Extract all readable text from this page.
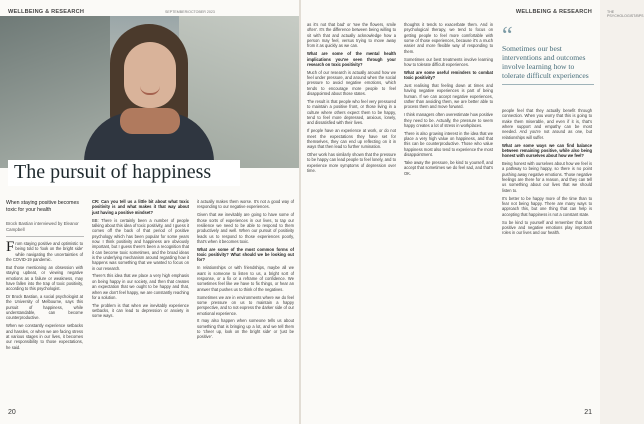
WELLBEING & RESEARCH	SEPTEMBER/OCTOBER 2023
The pursuit of happiness
When staying positive becomes toxic for your health
Brock Bastian interviewed by Eleanor Campbell

From staying positive and optimistic to being told to 'look on the bright side' while navigating the uncertainties of the COVID-19 pandemic.

But those mentioning an obsession with staying upbeat, or viewing negative emotions as a failure or weakness, may have fallen into the trap of toxic positivity, according to this psychologist.

Dr Brock Bastian, a social psychologist at the University of Melbourne, says this pursuit of happiness, while understandable, can become counterproductive.

When we constantly experience setbacks and hassles, or when we are facing stress at various stages in our lives, it becomes our responsibility to those expectations, he said.

CR: Can you tell us a little bit about what toxic positivity is and what makes it that way about just having a positive mindset?

BB: There is certainly been a number of people talking about this idea of toxic positivity, and I guess it comes off the back of that period of positive psychology which has been popular for some years now. I think positivity and happiness are obviously important, but I guess there's been a recognition that it can become toxic sometimes, and the broad ideas is the underlying mechanism around regarding how it happens was something that we wanted to focus on in our research.

There's this idea that we place a very high emphasis on being happy in our society, and then that creates an expectation that we ought to be happy and that, when we don't feel happy, we are constantly reaching for a solution.

The problem is that when we inevitably experience setbacks, it can lead to depression or anxiety in some ways.

it actually makes them worse. It's not a good way of responding to our negative experiences.

Given that we inevitably are going to have some of those sorts of experiences in our lives, to tap our resilience we need to be able to respond to them productively and well. When our pursuit of positivity leads us to respond to those experiences poorly, that's when it becomes toxic.

What are some of the most common forms of toxic positivity? What should we be looking out for?

In relationships or with friendships, maybe all we want is someone to listen to us, a bright sort of response, or a fix or a reframe of confidence. We sometimes feel like we have to fix things, or hear an answer that pushes us to think of the negatives.

Sometimes we are in environments where we do feel some pressure on us to maintain a happy perspective, and to not express the darker side of our emotional experience.

It may also happen when someone tells us about something that is bringing up a lot, and we tell them to 'cheer up, look on the bright side' or 'just be positive'.

20
THE PSYCHOLOGIST/BPS
WELLBEING & RESEARCH

as it's not that bad' or 'see the flowers, smile often'. It's the difference between being willing to sit with that and actually acknowledge how a person may feel, versus trying to move away from it as quickly as we can.

What are some of the mental health implications you've seen through your research on toxic positivity?

Much of our research is actually around how we feel under pressure, and around when the social pressure to avoid negative emotions, which tends to encourage more people to feel disappointed about those states.

The result is that people who feel very pressured to maintain a positive front, or those living in a culture where others expect them to be happy, tend to feel more depressed, anxious, lonely, and dissatisfied with their lives.

If people have an experience at work, or do not meet the expectations they have set for themselves, they can end up reflecting on it in ways that then lead to further rumination.

Other work has similarly shown that the pressure to be happy can lead people to feel lonely, and to experience more symptoms of depression over time.

thoughts it tends to exacerbate them. And in psychological therapy, we tend to focus on getting people to feel more comfortable with some of those experiences, because it's a much easier and more flexible way of responding to them.

Sometimes our best treatments involve learning how to tolerate difficult experiences.

What are some useful reminders to combat toxic positivity?

Just realising that feeling down at times and having negative experiences is part of being human. If we can accept negative experiences, rather than avoiding them, we are better able to process them and move forward.

I think managers often overestimate how positive they need to be. Actually, the pressure to seem happy creates a lot of stress in workplaces.

There is also growing interest in the idea that we place a very high value on happiness, and that this can be counterproductive. Those who value happiness most also tend to experience the most disappointment.

Take away the pressure, be kind to yourself, and accept that sometimes we do feel sad, and that's OK.

“
Sometimes our best interventions and outcomes involve learning how to tolerate difficult experiences

people feel that they actually benefit through connection. When you worry that this is going to make them miserable, and even if it is, that's where support and empathy can be most needed. And you're not around as one, but relationships will suffer.

What are some ways we can find balance between remaining positive, while also being honest with ourselves about how we feel?

Being honest with ourselves about how we feel is a pathway to being happy, so there is no point pushing away negative emotions. Those negative feelings are there for a reason, and they can tell us something about our lives that we should listen to.

It's better to be happy more of the time than to fear not being happy. There are many ways to approach this, but one thing that can help is accepting that happiness is not a constant state.

So be kind to yourself and remember that both positive and negative emotions play important roles in our lives and our health.

21
